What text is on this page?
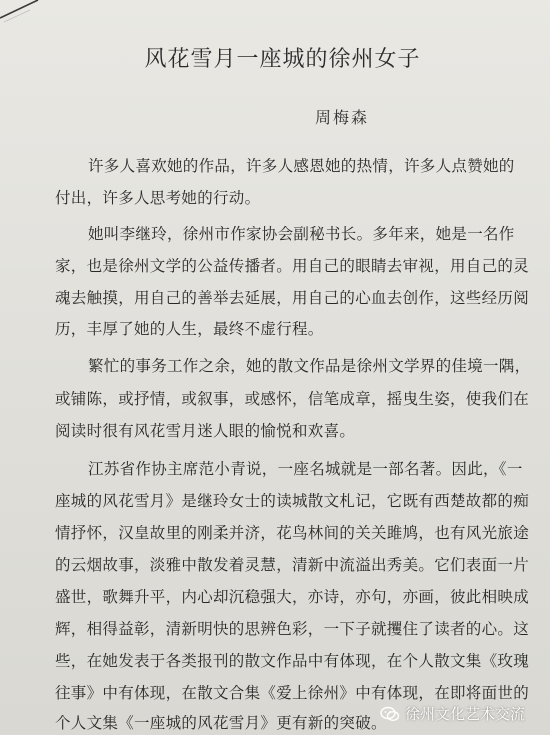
风花雪月一座城的徐州女子
周梅森
许多人喜欢她的作品，许多人感恩她的热情，许多人点赞她的
付出，许多人思考她的行动。
她叫李继玲，徐州市作家协会副秘书长。多年来，她是一名作
家，也是徐州文学的公益传播者。用自己的眼睛去审视，用自己的灵
魂去触摸，用自己的善举去延展，用自己的心血去创作，这些经历阅
历，丰厚了她的人生，最终不虚行程。
繁忙的事务工作之余，她的散文作品是徐州文学界的佳境一隅，
或铺陈，或抒情，或叙事，或感怀，信笔成章，摇曳生姿，使我们在
阅读时很有风花雪月迷人眼的愉悦和欢喜。
江苏省作协主席范小青说，一座名城就是一部名著。因此，《一
座城的风花雪月》是继玲女士的读城散文札记，它既有西楚故都的痴
情抒怀，汉皇故里的刚柔并济，花鸟林间的关关雎鸠，也有风光旅途
的云烟故事，淡雅中散发着灵慧，清新中流溢出秀美。它们表面一片
盛世，歌舞升平，内心却沉稳强大，亦诗，亦句，亦画，彼此相映成
辉，相得益彰，清新明快的思辨色彩，一下子就攫住了读者的心。这
些，在她发表于各类报刊的散文作品中有体现，在个人散文集《玫瑰
往事》中有体现，在散文合集《爱上徐州》中有体现，在即将面世的
个人文集《一座城的风花雪月》更有新的突破。 徐州文化艺术交流
